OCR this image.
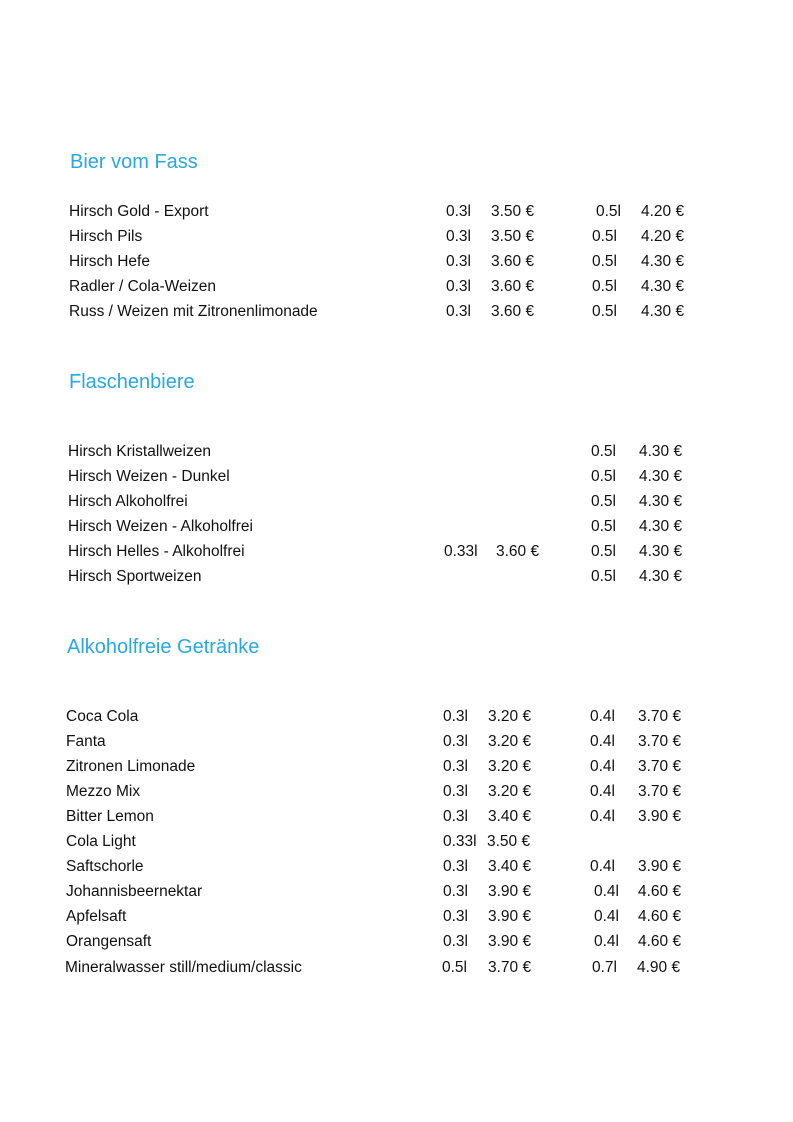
Bier vom Fass
Hirsch Gold - Export	0.3l 3.50 €	0.5l 4.20 €
Hirsch Pils	0.3l 3.50 €	0.5l 4.20 €
Hirsch Hefe	0.3l 3.60 €	0.5l 4.30 €
Radler / Cola-Weizen	0.3l 3.60 €	0.5l 4.30 €
Russ / Weizen mit Zitronenlimonade	0.3l 3.60 €	0.5l 4.30 €
Flaschenbiere
Hirsch Kristallweizen	0.5l 4.30 €
Hirsch Weizen - Dunkel	0.5l 4.30 €
Hirsch Alkoholfrei	0.5l 4.30 €
Hirsch Weizen - Alkoholfrei	0.5l 4.30 €
Hirsch Helles - Alkoholfrei	0.33l 3.60 €	0.5l 4.30 €
Hirsch Sportweizen	0.5l 4.30 €
Alkoholfreie Getränke
Coca Cola	0.3l 3.20 €	0.4l 3.70 €
Fanta	0.3l 3.20 €	0.4l 3.70 €
Zitronen Limonade	0.3l 3.20 €	0.4l 3.70 €
Mezzo Mix	0.3l 3.20 €	0.4l 3.70 €
Bitter Lemon	0.3l 3.40 €	0.4l 3.90 €
Cola Light	0.33l 3.50 €
Saftschorle	0.3l 3.40 €	0.4l 3.90 €
Johannisbeernektar	0.3l 3.90 €	0.4l 4.60 €
Apfelsaft	0.3l 3.90 €	0.4l 4.60 €
Orangensaft	0.3l 3.90 €	0.4l 4.60 €
Mineralwasser still/medium/classic	0.5l 3.70 €	0.7l 4.90 €
